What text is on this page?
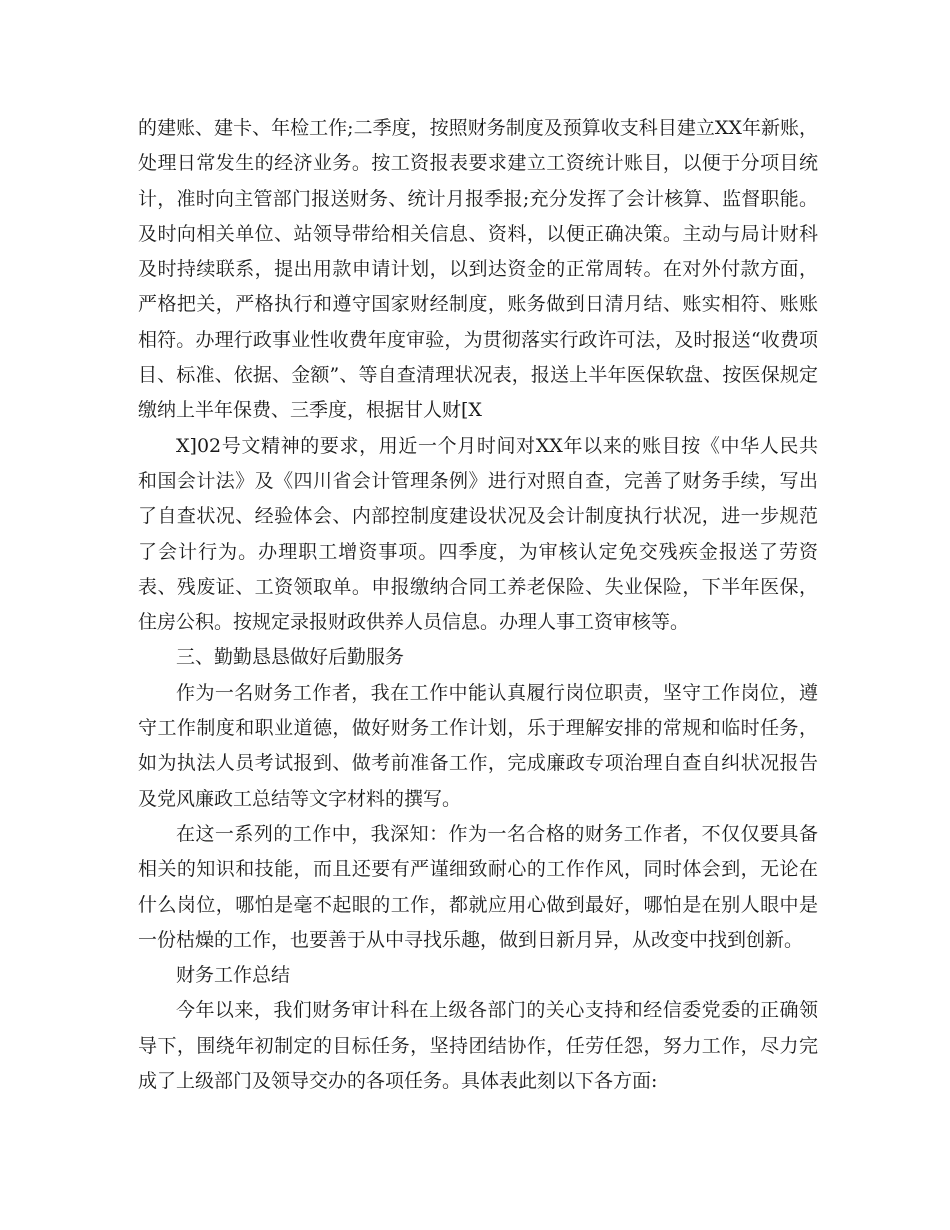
的建账、建卡、年检工作;二季度，按照财务制度及预算收支科目建立XX年新账，处理日常发生的经济业务。按工资报表要求建立工资统计账目，以便于分项目统计，准时向主管部门报送财务、统计月报季报;充分发挥了会计核算、监督职能。及时向相关单位、站领导带给相关信息、资料，以便正确决策。主动与局计财科及时持续联系，提出用款申请计划，以到达资金的正常周转。在对外付款方面，严格把关，严格执行和遵守国家财经制度，账务做到日清月结、账实相符、账账相符。办理行政事业性收费年度审验，为贯彻落实行政许可法，及时报送“收费项目、标准、依据、金额”、等自查清理状况表，报送上半年医保软盘、按医保规定缴纳上半年保费、三季度，根据甘人财[X

X]02号文精神的要求，用近一个月时间对XX年以来的账目按《中华人民共和国会计法》及《四川省会计管理条例》进行对照自查，完善了财务手续，写出了自查状况、经验体会、内部控制度建设状况及会计制度执行状况，进一步规范了会计行为。办理职工增资事项。四季度，为审核认定免交残疾金报送了劳资表、残废证、工资领取单。申报缴纳合同工养老保险、失业保险，下半年医保，住房公积。按规定录报财政供养人员信息。办理人事工资审核等。

三、勤勤恳恳做好后勤服务

作为一名财务工作者，我在工作中能认真履行岗位职责，坚守工作岗位，遵守工作制度和职业道德，做好财务工作计划，乐于理解安排的常规和临时任务，如为执法人员考试报到、做考前准备工作，完成廉政专项治理自查自纠状况报告及党风廉政工总结等文字材料的撰写。

在这一系列的工作中，我深知：作为一名合格的财务工作者，不仅仅要具备相关的知识和技能，而且还要有严谨细致耐心的工作作风，同时体会到，无论在什么岗位，哪怕是毫不起眼的工作，都就应用心做到最好，哪怕是在别人眼中是一份枯燥的工作，也要善于从中寻找乐趣，做到日新月异，从改变中找到创新。

财务工作总结

今年以来，我们财务审计科在上级各部门的关心支持和经信委党委的正确领导下，围绕年初制定的目标任务，坚持团结协作，任劳任怨，努力工作，尽力完成了上级部门及领导交办的各项任务。具体表此刻以下各方面:
